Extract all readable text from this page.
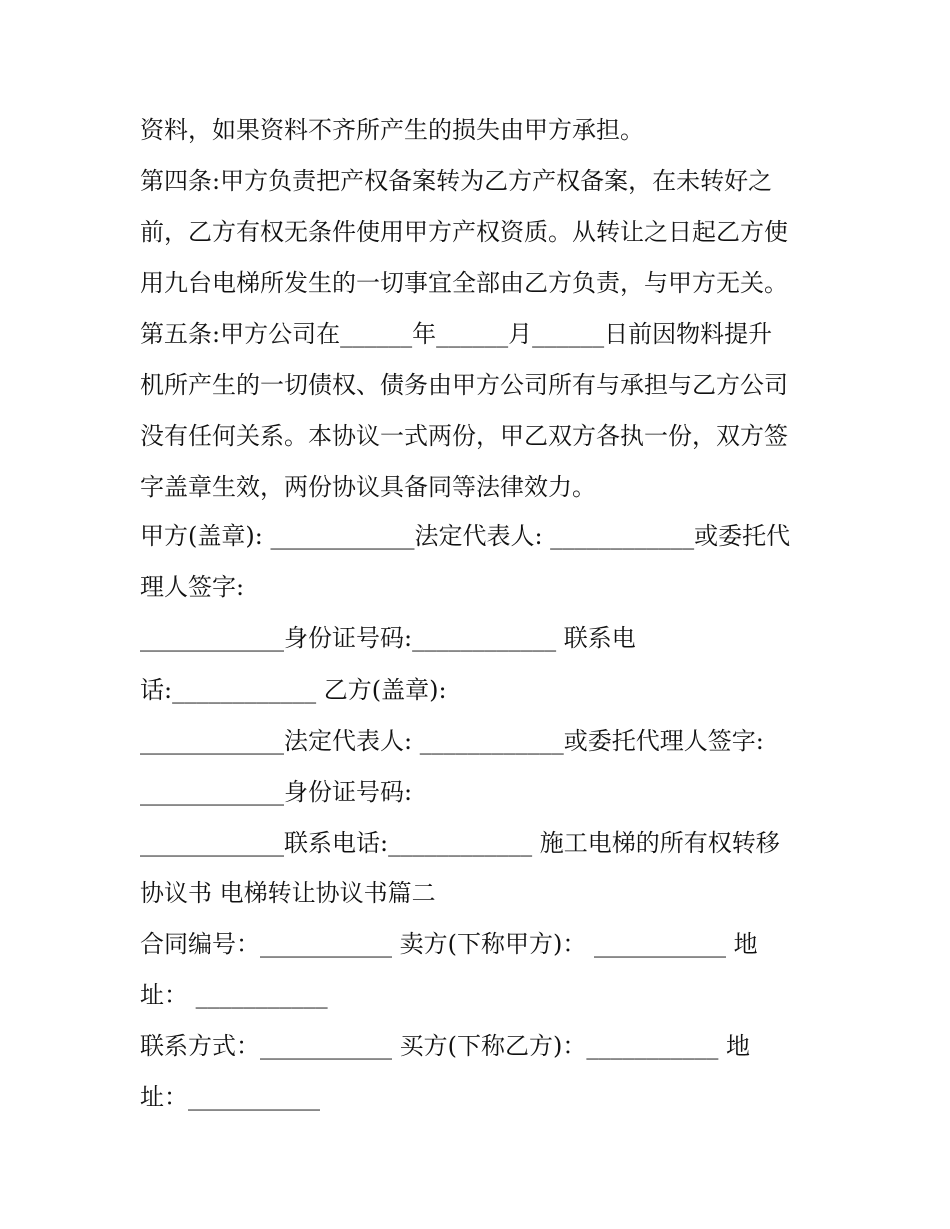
资料，如果资料不齐所产生的损失由甲方承担。
第四条:甲方负责把产权备案转为乙方产权备案，在未转好之
前，乙方有权无条件使用甲方产权资质。从转让之日起乙方使
用九台电梯所发生的一切事宜全部由乙方负责，与甲方无关。
第五条:甲方公司在______年______月______日前因物料提升
机所产生的一切债权、债务由甲方公司所有与承担与乙方公司
没有任何关系。本协议一式两份，甲乙双方各执一份，双方签
字盖章生效，两份协议具备同等法律效力。
甲方(盖章): ____________法定代表人: ____________或委托代
理人签字:
____________身份证号码:____________ 联系电
话:____________ 乙方(盖章):
____________法定代表人: ____________或委托代理人签字:
____________身份证号码:
____________联系电话:____________ 施工电梯的所有权转移
协议书 电梯转让协议书篇二
合同编号：___________ 卖方(下称甲方)： ___________ 地
址： ___________
联系方式：___________ 买方(下称乙方)：___________ 地
址：___________
